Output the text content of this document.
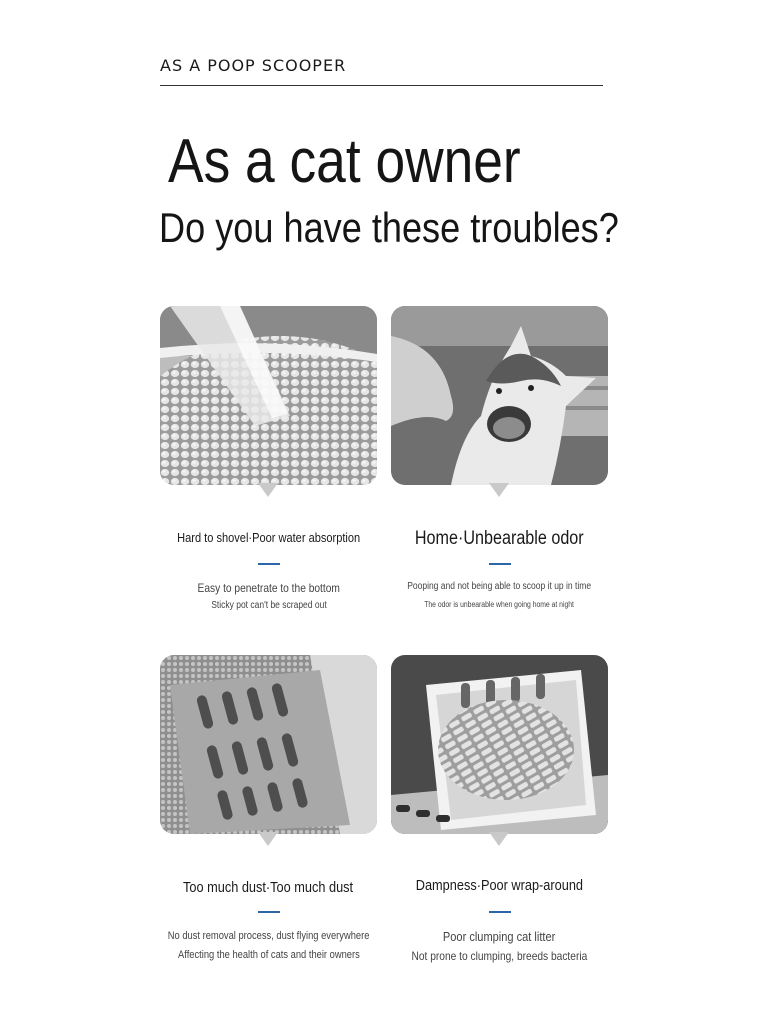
AS A POOP SCOOPER
As a cat owner
Do you have these troubles?
Hard to shovel·Poor water absorption
Easy to penetrate to the bottom
Sticky pot can't be scraped out
Home·Unbearable odor
Pooping and not being able to scoop it up in time
The odor is unbearable when going home at night
Too much dust·Too much dust
No dust removal process, dust flying everywhere
Affecting the health of cats and their owners
Dampness·Poor wrap-around
Poor clumping cat litter
Not prone to clumping, breeds bacteria
